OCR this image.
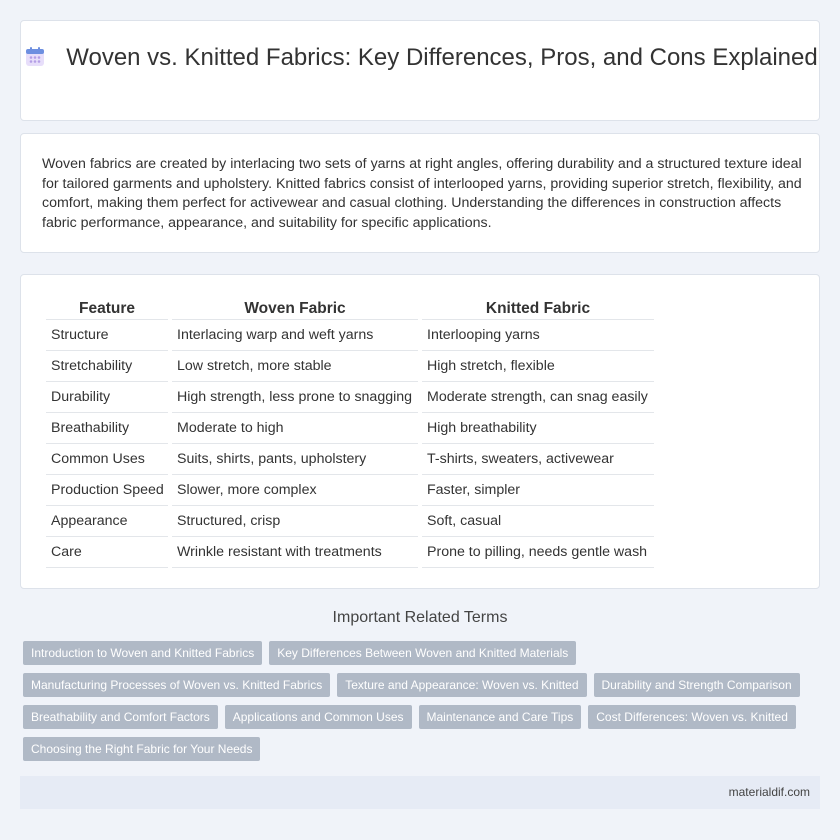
Woven vs. Knitted Fabrics: Key Differences, Pros, and Cons Explained

Woven fabrics are created by interlacing two sets of yarns at right angles, offering durability and a structured texture ideal for tailored garments and upholstery. Knitted fabrics consist of interlooped yarns, providing superior stretch, flexibility, and comfort, making them perfect for activewear and casual clothing. Understanding the differences in construction affects fabric performance, appearance, and suitability for specific applications.

Feature	Woven Fabric	Knitted Fabric
Structure	Interlacing warp and weft yarns	Interlooping yarns
Stretchability	Low stretch, more stable	High stretch, flexible
Durability	High strength, less prone to snagging	Moderate strength, can snag easily
Breathability	Moderate to high	High breathability
Common Uses	Suits, shirts, pants, upholstery	T-shirts, sweaters, activewear
Production Speed	Slower, more complex	Faster, simpler
Appearance	Structured, crisp	Soft, casual
Care	Wrinkle resistant with treatments	Prone to pilling, needs gentle wash
Important Related Terms
Introduction to Woven and Knitted Fabrics	Key Differences Between Woven and Knitted Materials
Manufacturing Processes of Woven vs. Knitted Fabrics	Texture and Appearance: Woven vs. Knitted	Durability and Strength Comparison
Breathability and Comfort Factors	Applications and Common Uses	Maintenance and Care Tips	Cost Differences: Woven vs. Knitted
Choosing the Right Fabric for Your Needs
materialdif.com
